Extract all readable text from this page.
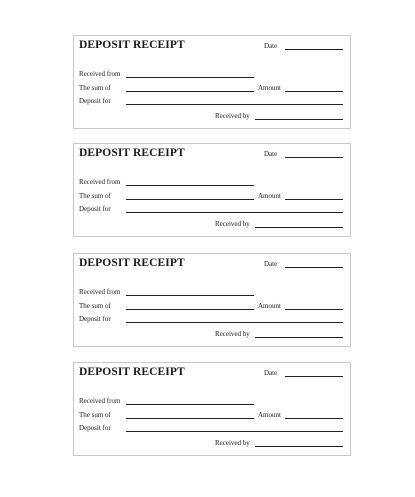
DEPOSIT RECEIPT	Date
Received from
The sum of	Amount
Deposit for
Received by
DEPOSIT RECEIPT	Date
Received from
The sum of	Amount
Deposit for
Received by
DEPOSIT RECEIPT	Date
Received from
The sum of	Amount
Deposit for
Received by
DEPOSIT RECEIPT	Date
Received from
The sum of	Amount
Deposit for
Received by
